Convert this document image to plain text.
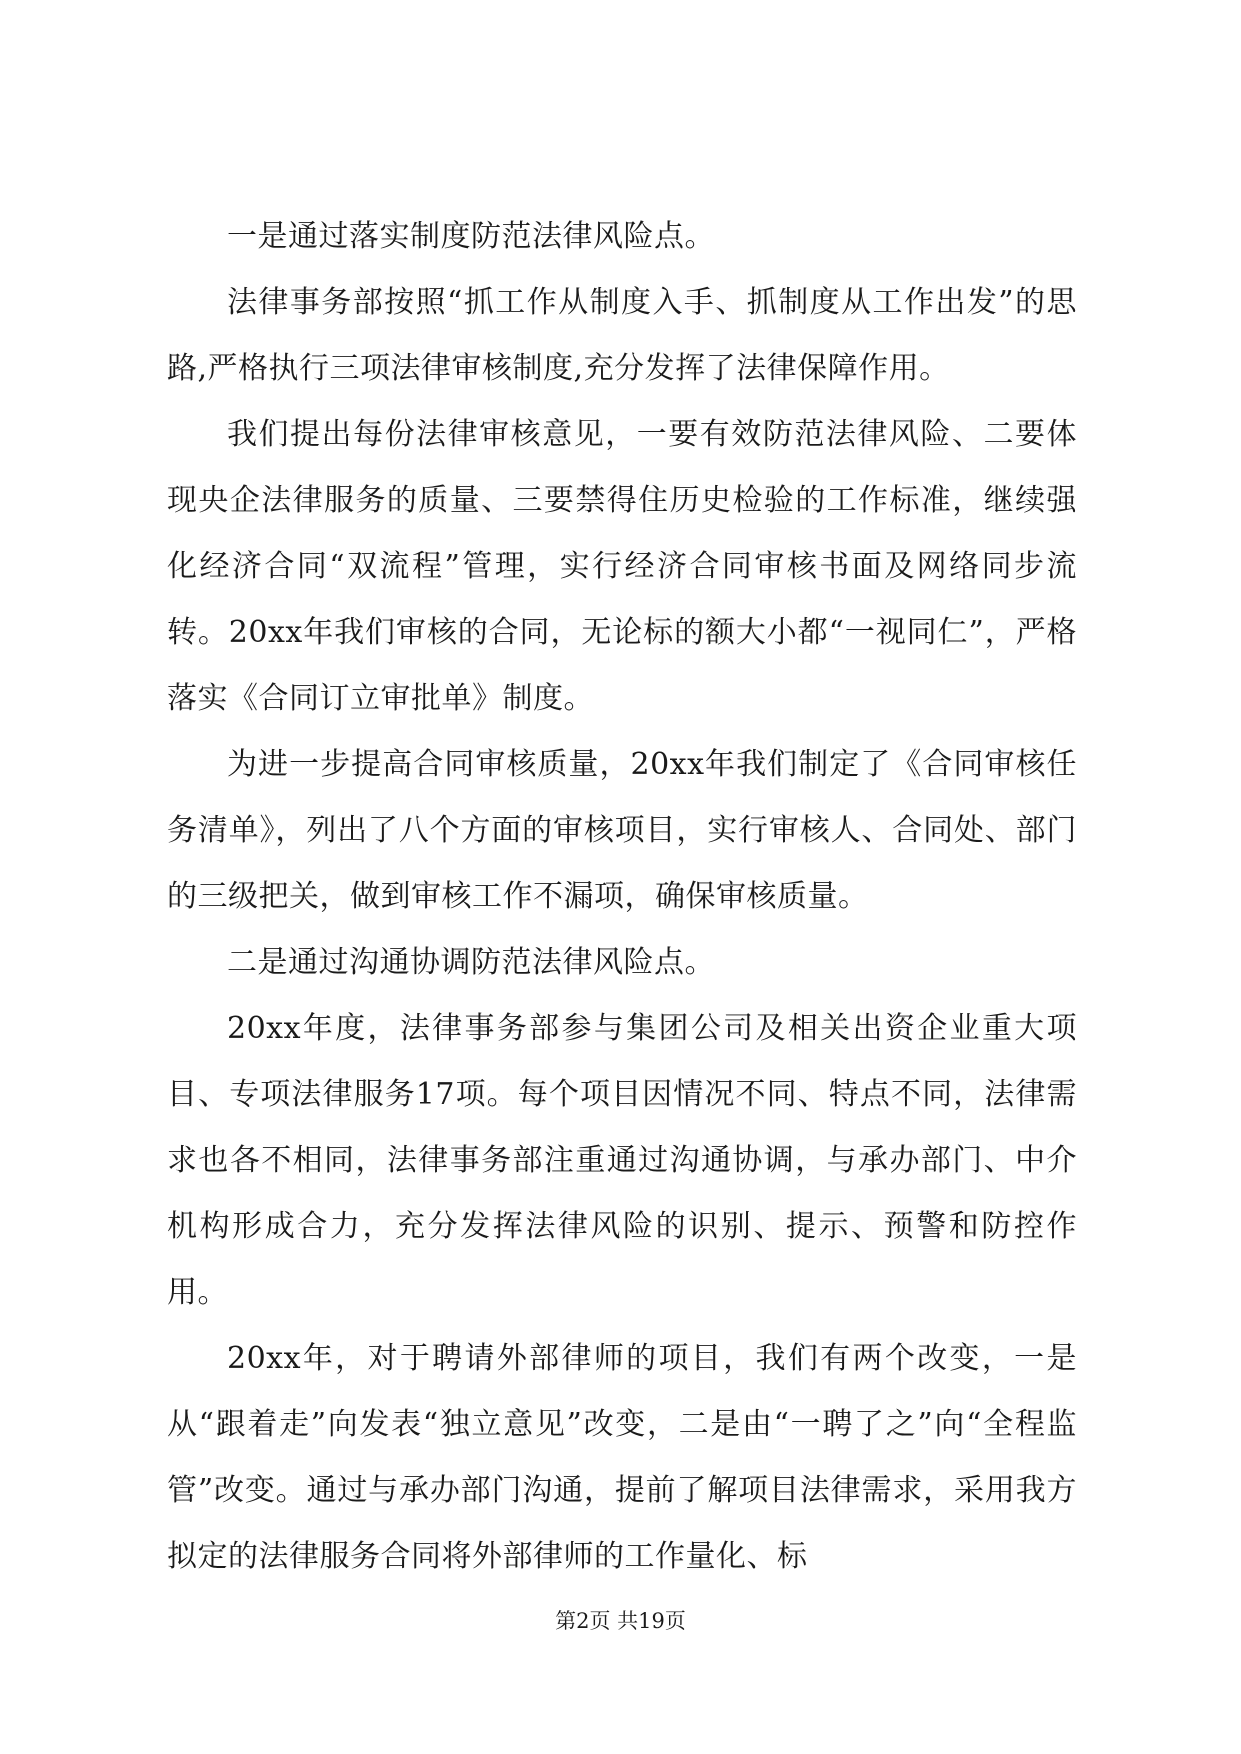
一是通过落实制度防范法律风险点。

法律事务部按照“抓工作从制度入手、抓制度从工作出发”的思路,严格执行三项法律审核制度,充分发挥了法律保障作用。

我们提出每份法律审核意见，一要有效防范法律风险、二要体现央企法律服务的质量、三要禁得住历史检验的工作标准，继续强化经济合同“双流程”管理，实行经济合同审核书面及网络同步流转。20xx年我们审核的合同，无论标的额大小都“一视同仁”，严格落实《合同订立审批单》制度。

为进一步提高合同审核质量，20xx年我们制定了《合同审核任务清单》，列出了八个方面的审核项目，实行审核人、合同处、部门的三级把关，做到审核工作不漏项，确保审核质量。

二是通过沟通协调防范法律风险点。

20xx年度，法律事务部参与集团公司及相关出资企业重大项目、专项法律服务17项。每个项目因情况不同、特点不同，法律需求也各不相同，法律事务部注重通过沟通协调，与承办部门、中介机构形成合力，充分发挥法律风险的识别、提示、预警和防控作用。

20xx年，对于聘请外部律师的项目，我们有两个改变，一是从“跟着走”向发表“独立意见”改变，二是由“一聘了之”向“全程监管”改变。通过与承办部门沟通，提前了解项目法律需求，采用我方拟定的法律服务合同将外部律师的工作量化、标

第2页 共19页
